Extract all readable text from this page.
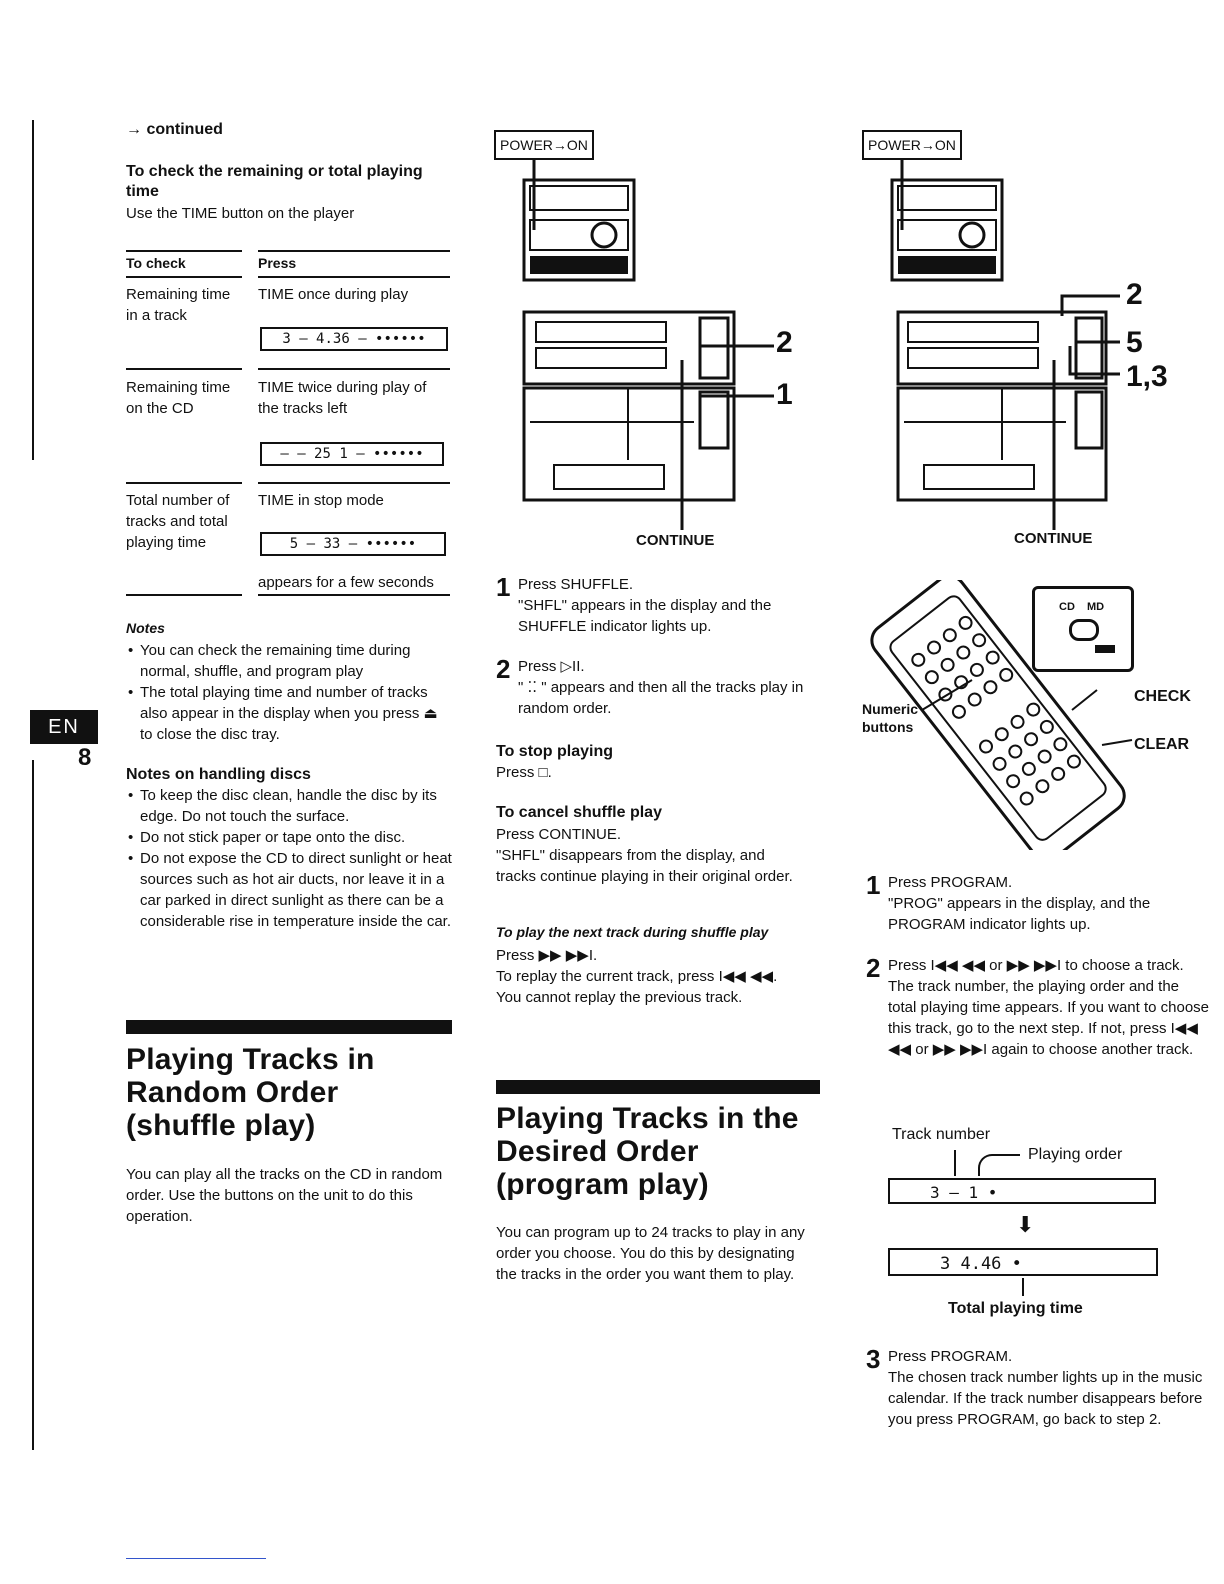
→ continued
To check the remaining or total playing time
Use the TIME button on the player
To check	Press
Remaining time in a track
TIME once during play
3 — 4.36 — ••••••
Remaining time on the CD
TIME twice during play of the tracks left
— — 25 1 — ••••••
Total number of tracks and total playing time
TIME in stop mode
5 — 33 — ••••••
appears for a few seconds
Notes
• You can check the remaining time during normal, shuffle, and program play
• The total playing time and number of tracks also appear in the display when you press ⏏ to close the disc tray.
EN
8
Notes on handling discs
• To keep the disc clean, handle the disc by its edge. Do not touch the surface.
• Do not stick paper or tape onto the disc.
• Do not expose the CD to direct sunlight or heat sources such as hot air ducts, nor leave it in a car parked in direct sunlight as there can be a considerable rise in temperature inside the car.
Playing Tracks in Random Order (shuffle play)
You can play all the tracks on the CD in random order. Use the buttons on the unit to do this operation.
POWER→ON
2
1
CONTINUE
1 Press SHUFFLE.
"SHFL" appears in the display and the SHUFFLE indicator lights up.
2 Press ▷II.
" ⁚⁚ " appears and then all the tracks play in random order.
To stop playing
Press □.
To cancel shuffle play
Press CONTINUE.
"SHFL" disappears from the display, and tracks continue playing in their original order.
To play the next track during shuffle play
Press ▶▶ ▶▶I.
To replay the current track, press I◀◀ ◀◀.
You cannot replay the previous track.
Playing Tracks in the Desired Order (program play)
You can program up to 24 tracks to play in any order you choose. You do this by designating the tracks in the order you want them to play.
POWER→ON
2
5
1,3
CONTINUE
CD MD
Numeric buttons
CHECK
CLEAR
1 Press PROGRAM.
"PROG" appears in the display, and the PROGRAM indicator lights up.
2 Press I◀◀ ◀◀ or ▶▶ ▶▶I to choose a track.
The track number, the playing order and the total playing time appears. If you want to choose this track, go to the next step. If not, press I◀◀ ◀◀ or ▶▶ ▶▶I again to choose another track.
Track number
Playing order
3 — 1 •
⬇
3 4.46 •
Total playing time
3 Press PROGRAM.
The chosen track number lights up in the music calendar. If the track number disappears before you press PROGRAM, go back to step 2.
